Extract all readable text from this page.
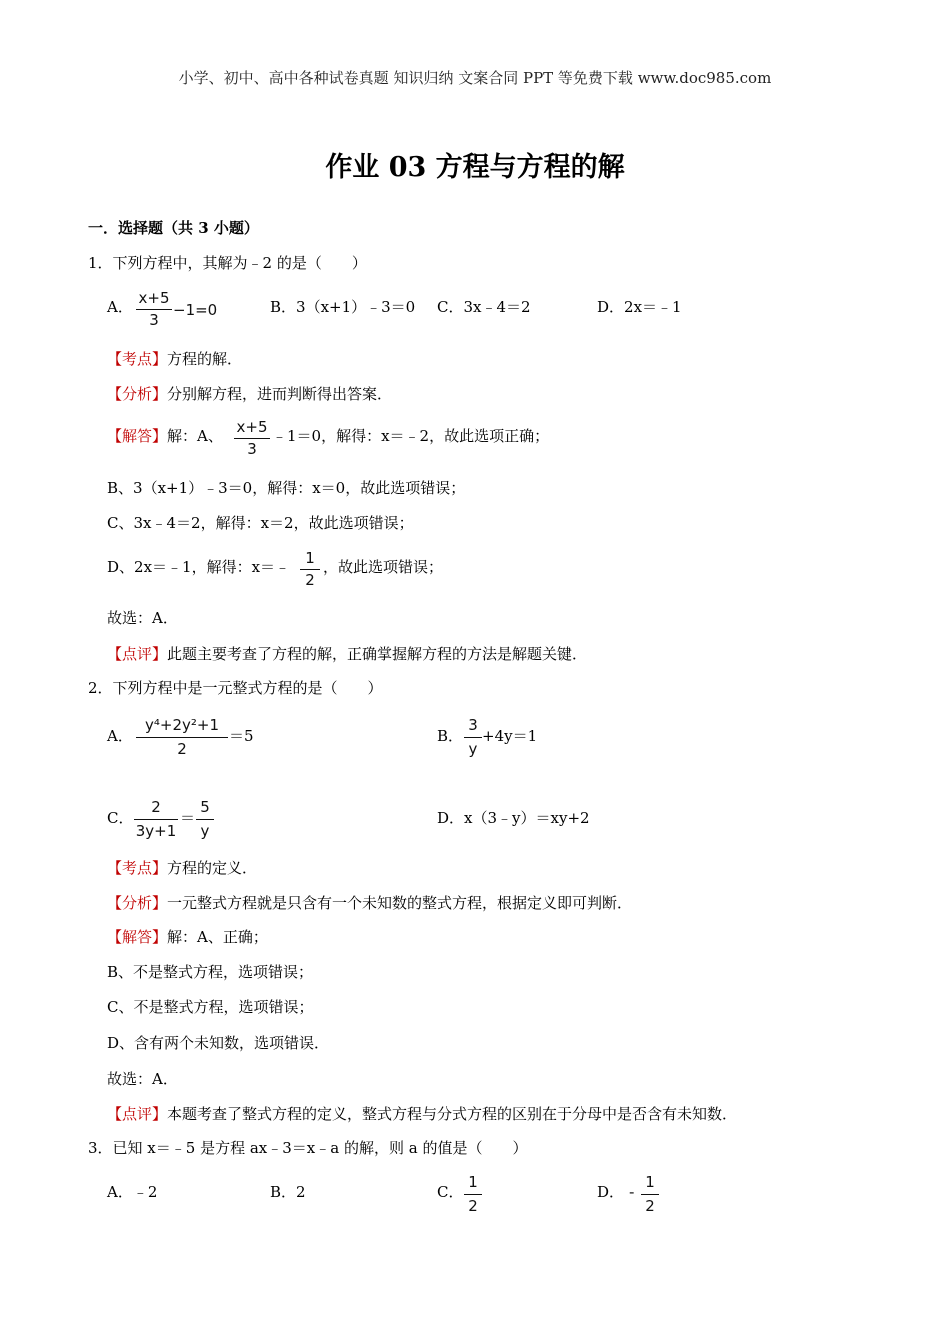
小学、初中、高中各种试卷真题 知识归纳 文案合同 PPT 等免费下载 www.doc985.com
作业 03 方程与方程的解
一．选择题（共 3 小题）
1．下列方程中，其解为﹣2 的是（　　）
A． x+5
3
−1=0	B．3（x+1）﹣3＝0 C．3x﹣4＝2	D．2x＝﹣1
【考点】方程的解．
【分析】分别解方程，进而判断得出答案．
【解答】解：A、 x+5
3
﹣1＝0，解得：x＝﹣2，故此选项正确；
B、3（x+1）﹣3＝0，解得：x＝0，故此选项错误；
C、3x﹣4＝2，解得：x＝2，故此选项错误；
D、2x＝﹣1，解得：x＝﹣	1
2
，故此选项错误；
故选：A．
【点评】此题主要考查了方程的解，正确掌握解方程的方法是解题关键．
2．下列方程中是一元整式方程的是（　　）
A．
y⁴+2y²+1
2
＝5	B．
3
y
+4y＝1
C．
2
3y+1
＝
5
y
D．x（3﹣y）＝xy+2
【考点】方程的定义．
【分析】一元整式方程就是只含有一个未知数的整式方程，根据定义即可判断．
【解答】解：A、正确；
B、不是整式方程，选项错误；
C、不是整式方程，选项错误；
D、含有两个未知数，选项错误．
故选：A．
【点评】本题考查了整式方程的定义，整式方程与分式方程的区别在于分母中是否含有未知数．
3．已知 x＝﹣5 是方程 ax﹣3＝x﹣a 的解，则 a 的值是（　　）
A．﹣2	B．2	C．
1
2
D． -
1
2
